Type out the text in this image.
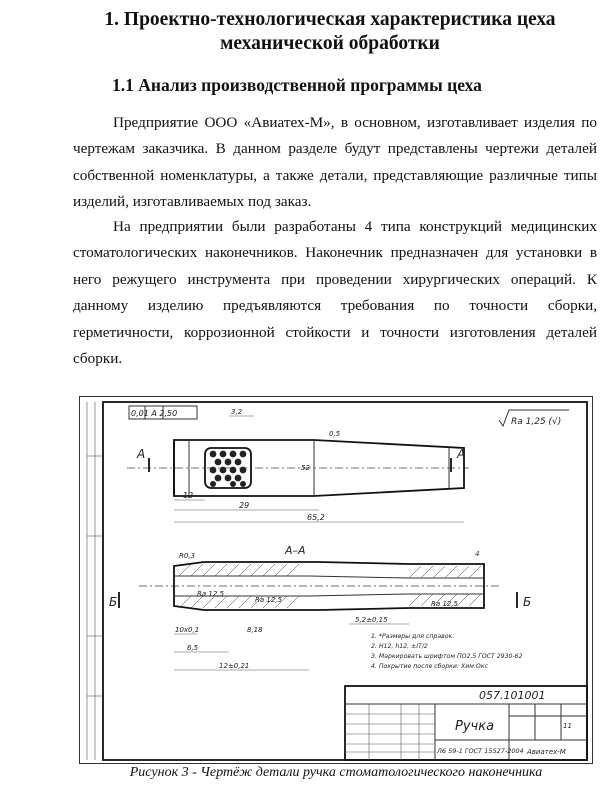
1. Проектно-технологическая характеристика цеха механической обработки
1.1 Анализ производственной программы цеха

Предприятие ООО «Авиатех-М», в основном, изготавливает изделия по чертежам заказчика. В данном разделе будут представлены чертежи деталей собственной номенклатуры, а также детали, представляющие различные типы изделий, изготавливаемых под заказ.

На предприятии были разработаны 4 типа конструкций медицинских стоматологических наконечников. Наконечник предназначен для установки в него режущего инструмента при проведении хирургических операций. К данному изделию предъявляются требования по точности сборки, герметичности, коррозионной стойкости и точности изготовления деталей сборки.

0,01 A 2,50
Ra 1,25 (√)
А	А
65,2
29
12
3,2
0,5
52
А–А
Б	Б
Ra 12,5
Ra 12,5	Ra 12,5
R0,3
10x0,1
6,5
12±0,21
5,2±0,15
8,18
4
1. *Размеры для справок.
2. H12, h12, ±IT/2
3. Маркировать шрифтом ПО2,5 ГОСТ 2930-62
4. Покрытие после сборки: Хим.Окс
057.101001
Ручка
Л6 59-1 ГОСТ 15527-2004
11
Авиатех-М
Рисунок 3 - Чертёж детали ручка стоматологического наконечника
